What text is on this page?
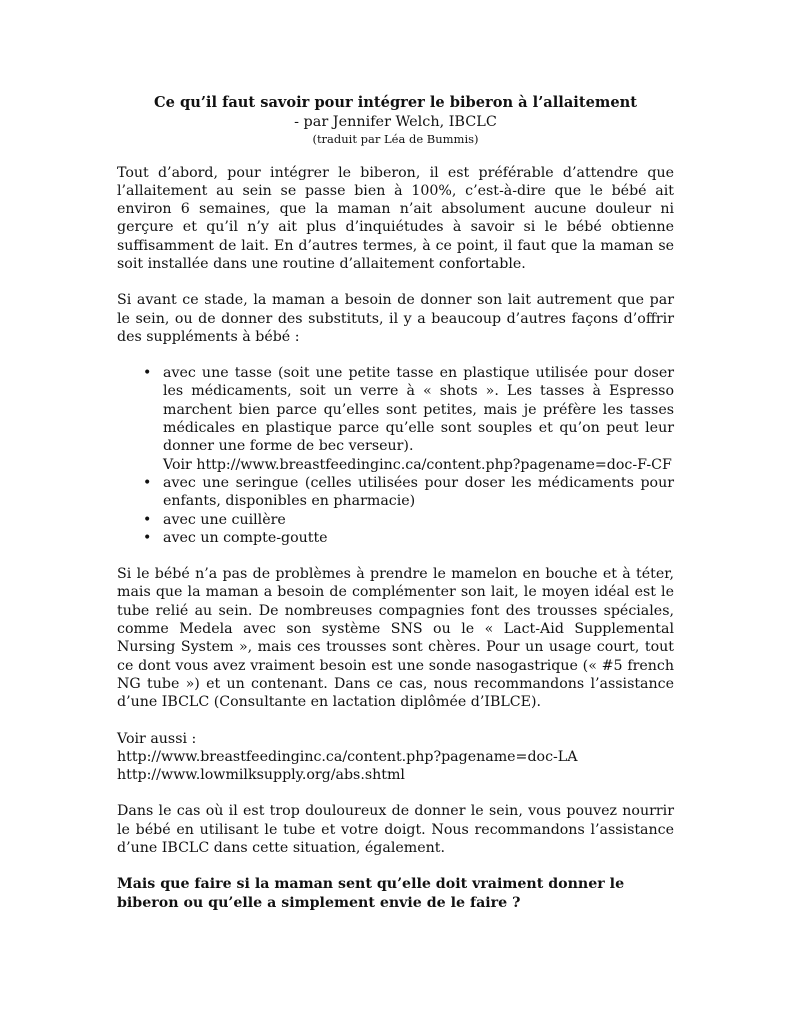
Ce qu’il faut savoir pour intégrer le biberon à l’allaitement
- par Jennifer Welch, IBCLC
(traduit par Léa de Bummis)

Tout d’abord, pour intégrer le biberon, il est préférable d’attendre que l’allaitement au sein se passe bien à 100%, c’est-à-dire que le bébé ait environ 6 semaines, que la maman n’ait absolument aucune douleur ni gerçure et qu’il n’y ait plus d’inquiétudes à savoir si le bébé obtienne suffisamment de lait. En d’autres termes, à ce point, il faut que la maman se soit installée dans une routine d’allaitement confortable.

Si avant ce stade, la maman a besoin de donner son lait autrement que par le sein, ou de donner des substituts, il y a beaucoup d’autres façons d’offrir des suppléments à bébé :

• avec une tasse (soit une petite tasse en plastique utilisée pour doser les médicaments, soit un verre à « shots ». Les tasses à Espresso marchent bien parce qu’elles sont petites, mais je préfère les tasses médicales en plastique parce qu’elle sont souples et qu’on peut leur donner une forme de bec verseur).
Voir http://www.breastfeedinginc.ca/content.php?pagename=doc-F-CF
• avec une seringue (celles utilisées pour doser les médicaments pour enfants, disponibles en pharmacie)
• avec une cuillère
• avec un compte-goutte

Si le bébé n’a pas de problèmes à prendre le mamelon en bouche et à téter, mais que la maman a besoin de complémenter son lait, le moyen idéal est le tube relié au sein. De nombreuses compagnies font des trousses spéciales, comme Medela avec son système SNS ou le « Lact-Aid Supplemental Nursing System », mais ces trousses sont chères. Pour un usage court, tout ce dont vous avez vraiment besoin est une sonde nasogastrique (« #5 french NG tube ») et un contenant. Dans ce cas, nous recommandons l’assistance d’une IBCLC (Consultante en lactation diplômée d’IBLCE).

Voir aussi :
http://www.breastfeedinginc.ca/content.php?pagename=doc-LA
http://www.lowmilksupply.org/abs.shtml

Dans le cas où il est trop douloureux de donner le sein, vous pouvez nourrir le bébé en utilisant le tube et votre doigt. Nous recommandons l’assistance d’une IBCLC dans cette situation, également.

Mais que faire si la maman sent qu’elle doit vraiment donner le biberon ou qu’elle a simplement envie de le faire ?
